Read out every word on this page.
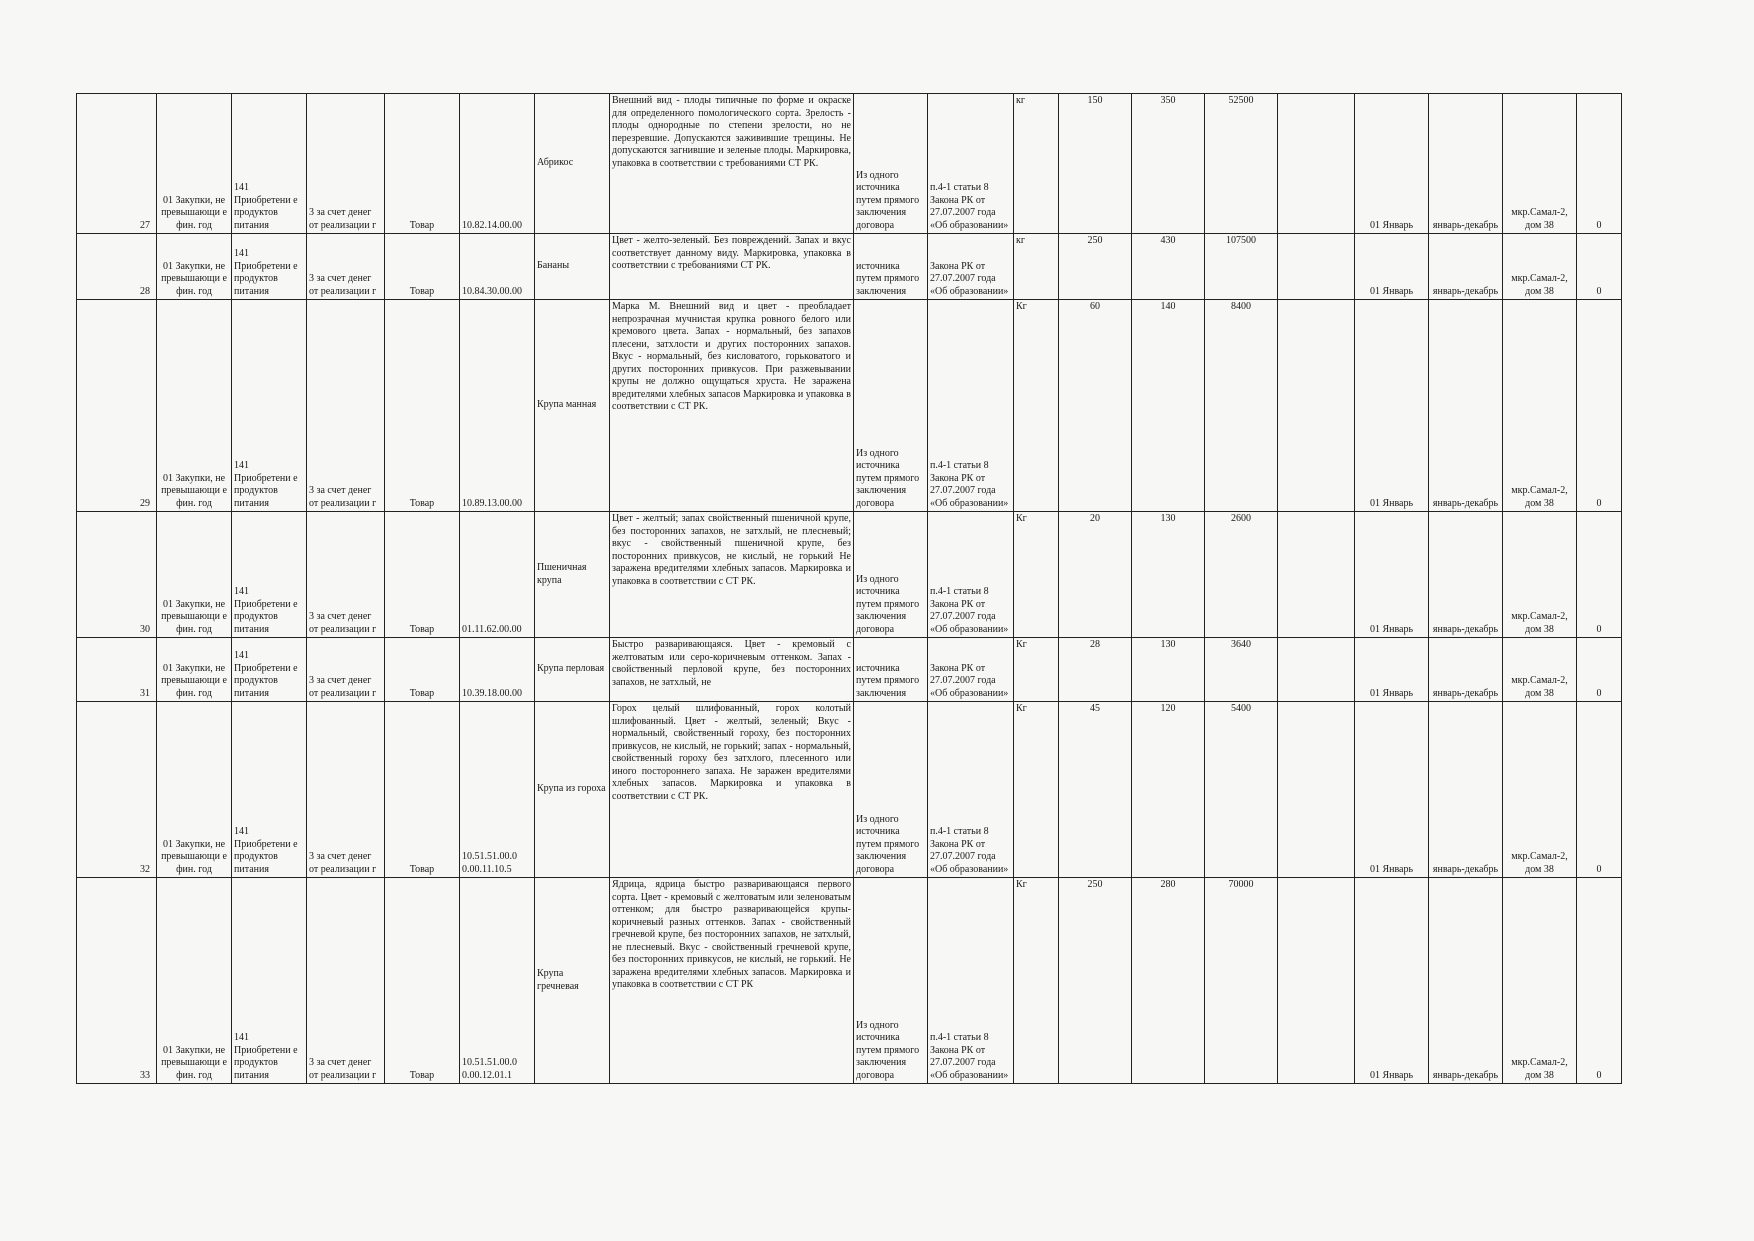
27	01 Закупки, не превышающи е фин. год	141 Приобретени е продуктов питания	3 за счет денег от реализации г	Товар	10.82.14.00.00	Абрикос	Внешний вид - плоды типичные по форме и окраске для определенного помологического сорта. Зрелость - плоды однородные по степени зрелости, но не перезревшие. Допускаются заживившие трещины. Не допускаются загнившие и зеленые плоды. Маркировка, упаковка в соответствии с требованиями СТ РК.	Из одного источника путем прямого заключения договора	п.4-1 статьи 8 Закона РК от 27.07.2007 года «Об образовании»	кг	150	350	52500		01 Январь	январь-декабрь	мкр.Самал-2, дом 38	0
28	01 Закупки, не превышающи е фин. год	141 Приобретени е продуктов питания	3 за счет денег от реализации г	Товар	10.84.30.00.00	Бананы	Цвет - желто-зеленый. Без повреждений. Запах и вкус соответствует данному виду. Маркировка, упаковка в соответствии с требованиями СТ РК.	источника путем прямого заключения	Закона РК от 27.07.2007 года «Об образовании»	кг	250	430	107500		01 Январь	январь-декабрь	мкр.Самал-2, дом 38	0
29	01 Закупки, не превышающи е фин. год	141 Приобретени е продуктов питания	3 за счет денег от реализации г	Товар	10.89.13.00.00	Крупа манная	Марка М. Внешний вид и цвет - преобладает непрозрачная мучнистая крупка ровного белого или кремового цвета. Запах - нормальный, без запахов плесени, затхлости и других посторонних запахов. Вкус - нормальный, без кисловатого, горьковатого и других посторонних привкусов. При разжевывании крупы не должно ощущаться хруста. Не заражена вредителями хлебных запасов Маркировка и упаковка в соответствии с СТ РК.	Из одного источника путем прямого заключения договора	п.4-1 статьи 8 Закона РК от 27.07.2007 года «Об образовании»	Кг	60	140	8400		01 Январь	январь-декабрь	мкр.Самал-2, дом 38	0
30	01 Закупки, не превышающи е фин. год	141 Приобретени е продуктов питания	3 за счет денег от реализации г	Товар	01.11.62.00.00	Пшеничная крупа	Цвет - желтый; запах свойственный пшеничной крупе, без посторонних запахов, не затхлый, не плесневый; вкус - свойственный пшеничной крупе, без посторонних привкусов, не кислый, не горький Не заражена вредителями хлебных запасов. Маркировка и упаковка в соответствии с СТ РК.	Из одного источника путем прямого заключения договора	п.4-1 статьи 8 Закона РК от 27.07.2007 года «Об образовании»	Кг	20	130	2600		01 Январь	январь-декабрь	мкр.Самал-2, дом 38	0
31	01 Закупки, не превышающи е фин. год	141 Приобретени е продуктов питания	3 за счет денег от реализации г	Товар	10.39.18.00.00	Крупа перловая	Быстро разваривающаяся. Цвет - кремовый с желтоватым или серо-коричневым оттенком. Запах - свойственный перловой крупе, без посторонних запахов, не затхлый, не	источника путем прямого заключения	Закона РК от 27.07.2007 года «Об образовании»	Кг	28	130	3640		01 Январь	январь-декабрь	мкр.Самал-2, дом 38	0
32	01 Закупки, не превышающи е фин. год	141 Приобретени е продуктов питания	3 за счет денег от реализации г	Товар	10.51.51.00.0 0.00.11.10.5	Крупа из гороха	Горох целый шлифованный, горох колотый шлифованный. Цвет - желтый, зеленый; Вкус - нормальный, свойственный гороху, без посторонних привкусов, не кислый, не горький; запах - нормальный, свойственный гороху без затхлого, плесенного или иного постороннего запаха. Не заражен вредителями хлебных запасов. Маркировка и упаковка в соответствии с СТ РК.	Из одного источника путем прямого заключения договора	п.4-1 статьи 8 Закона РК от 27.07.2007 года «Об образовании»	Кг	45	120	5400		01 Январь	январь-декабрь	мкр.Самал-2, дом 38	0
33	01 Закупки, не превышающи е фин. год	141 Приобретени е продуктов питания	3 за счет денег от реализации г	Товар	10.51.51.00.0 0.00.12.01.1	Крупа гречневая	Ядрица, ядрица быстро разваривающаяся первого сорта. Цвет - кремовый с желтоватым или зеленоватым оттенком; для быстро разваривающейся крупы- коричневый разных оттенков. Запах - свойственный гречневой крупе, без посторонних запахов, не затхлый, не плесневый. Вкус - свойственный гречневой крупе, без посторонних привкусов, не кислый, не горький. Не заражена вредителями хлебных запасов. Маркировка и упаковка в соответствии с СТ РК	Из одного источника путем прямого заключения договора	п.4-1 статьи 8 Закона РК от 27.07.2007 года «Об образовании»	Кг	250	280	70000		01 Январь	январь-декабрь	мкр.Самал-2, дом 38	0
